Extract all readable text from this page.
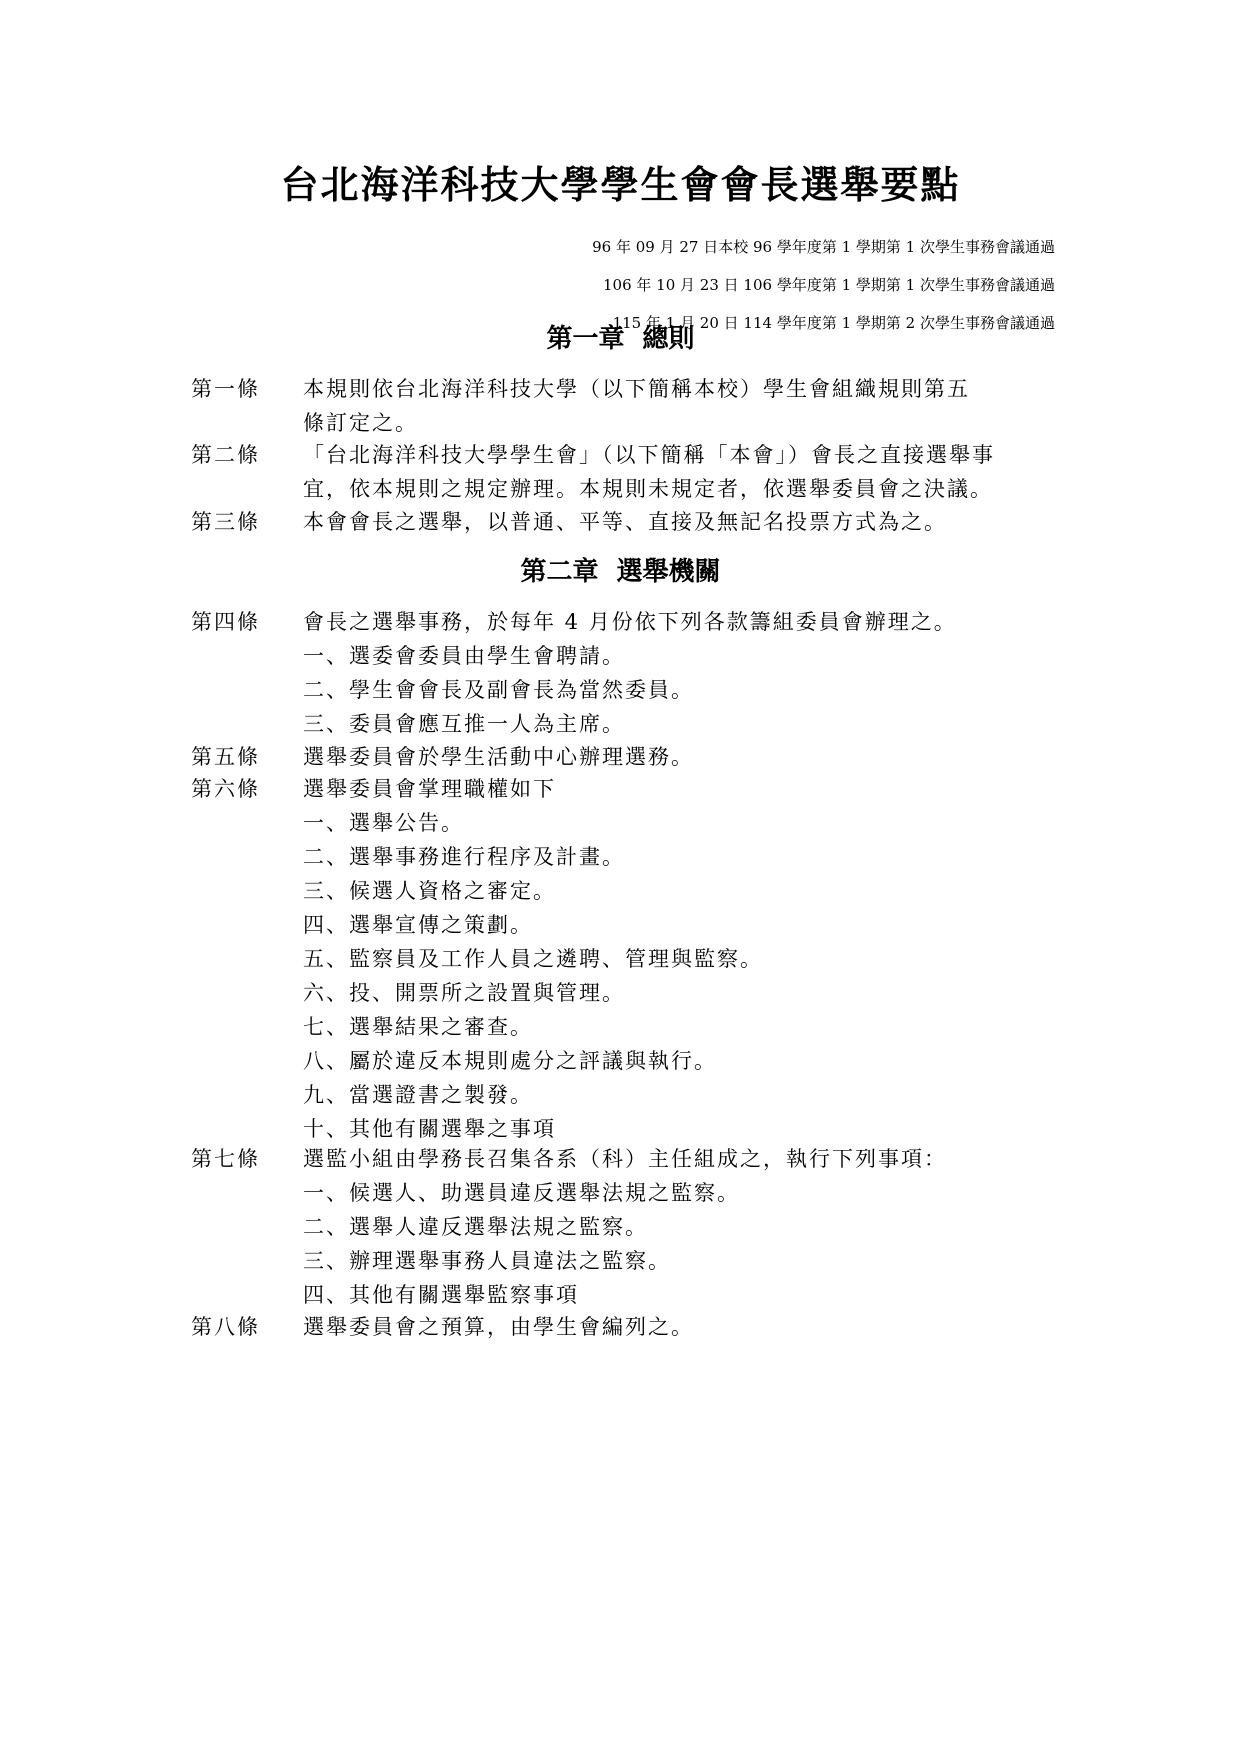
台北海洋科技大學學生會會長選舉要點
96 年 09 月 27 日本校 96 學年度第 1 學期第 1 次學生事務會議通過
106 年 10 月 23 日 106 學年度第 1 學期第 1 次學生事務會議通過
115 年 1 月 20 日 114 學年度第 1 學期第 2 次學生事務會議通過
第一章 總則
第一條 本規則依台北海洋科技大學（以下簡稱本校）學生會組織規則第五
條訂定之。
第二條 「台北海洋科技大學學生會」（以下簡稱「本會」）會長之直接選舉事
宜，依本規則之規定辦理。本規則未規定者，依選舉委員會之決議。
第三條 本會會長之選舉，以普通、平等、直接及無記名投票方式為之。
第二章 選舉機關
第四條 會長之選舉事務，於每年 4 月份依下列各款籌組委員會辦理之。
一、選委會委員由學生會聘請。
二、學生會會長及副會長為當然委員。
三、委員會應互推一人為主席。
第五條 選舉委員會於學生活動中心辦理選務。
第六條 選舉委員會掌理職權如下
一、選舉公告。
二、選舉事務進行程序及計畫。
三、候選人資格之審定。
四、選舉宣傳之策劃。
五、監察員及工作人員之遴聘、管理與監察。
六、投、開票所之設置與管理。
七、選舉結果之審查。
八、屬於違反本規則處分之評議與執行。
九、當選證書之製發。
十、其他有關選舉之事項
第七條 選監小組由學務長召集各系（科）主任組成之，執行下列事項：
一、候選人、助選員違反選舉法規之監察。
二、選舉人違反選舉法規之監察。
三、辦理選舉事務人員違法之監察。
四、其他有關選舉監察事項
第八條 選舉委員會之預算，由學生會編列之。
